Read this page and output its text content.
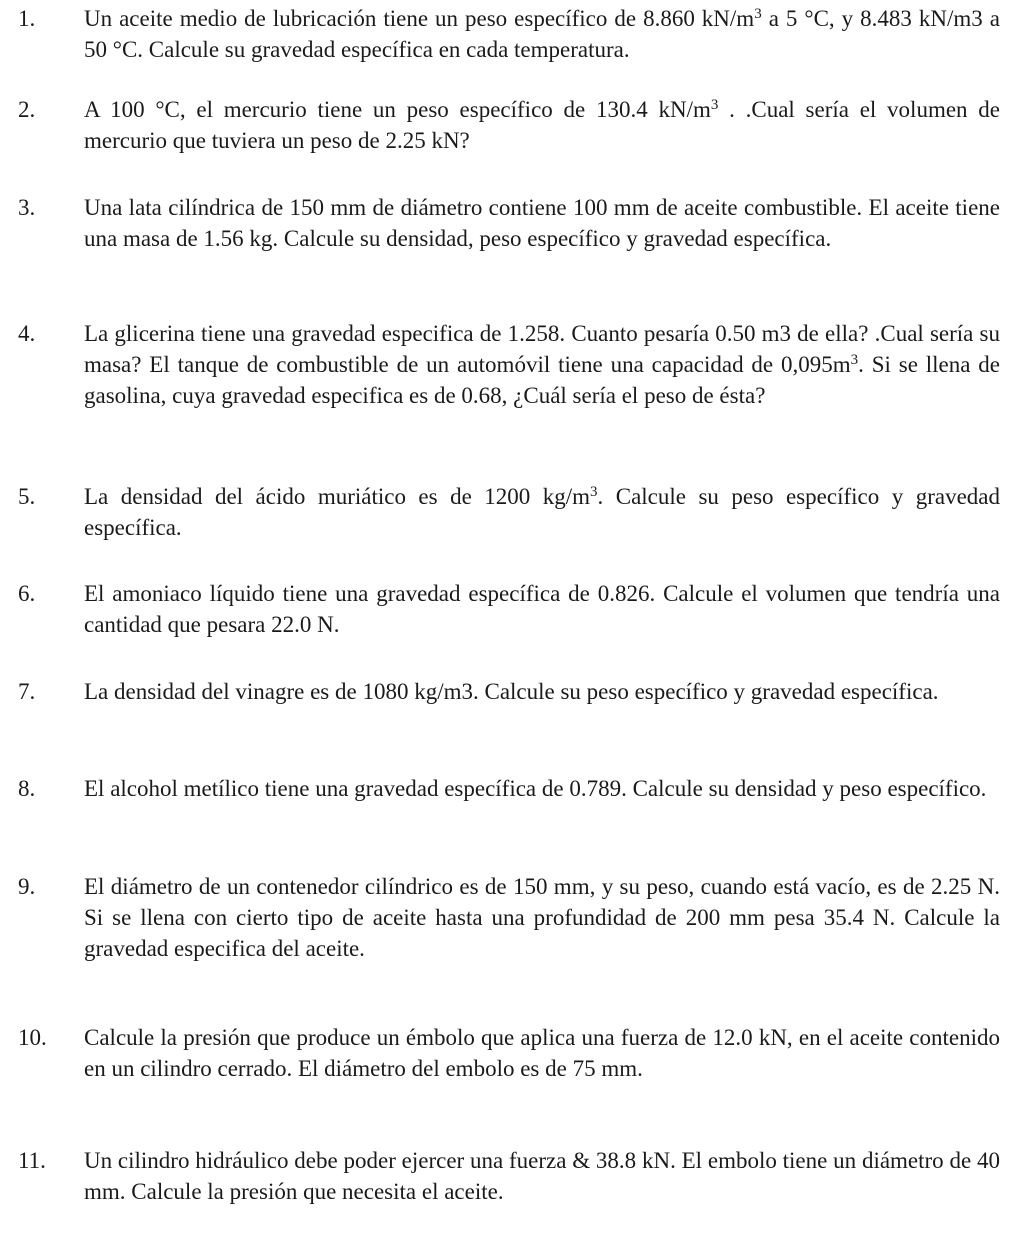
1.	Un aceite medio de lubricación tiene un peso específico de 8.860 $kN/m^3$ a 5 °C, y 8.483 kN/m3 a 50 °C. Calcule su gravedad específica en cada temperatura.
2.	A 100 °C, el mercurio tiene un peso específico de 130.4 $kN/m^3$ . .Cual sería el volumen de mercurio que tuviera un peso de 2.25 kN?
3.	Una lata cilíndrica de 150 mm de diámetro contiene 100 mm de aceite combustible. El aceite tiene una masa de 1.56 kg. Calcule su densidad, peso específico y gravedad específica.
4.	La glicerina tiene una gravedad especifica de 1.258. Cuanto pesaría 0.50 m3 de ella? .Cual sería su masa? El tanque de combustible de un automóvil tiene una capacidad de $0,095m^3$. Si se llena de gasolina, cuya gravedad especifica es de 0.68, ¿Cuál sería el peso de ésta?
5.	La densidad del ácido muriático es de 1200 $kg/m^3$. Calcule su peso específico y gravedad específica.
6.	El amoniaco líquido tiene una gravedad específica de 0.826. Calcule el volumen que tendría una cantidad que pesara 22.0 N.
7.	La densidad del vinagre es de 1080 kg/m3. Calcule su peso específico y gravedad específica.
8.	El alcohol metílico tiene una gravedad específica de 0.789. Calcule su densidad y peso específico.
9.	El diámetro de un contenedor cilíndrico es de 150 mm, y su peso, cuando está vacío, es de 2.25 N. Si se llena con cierto tipo de aceite hasta una profundidad de 200 mm pesa 35.4 N. Calcule la gravedad especifica del aceite.
10.	Calcule la presión que produce un émbolo que aplica una fuerza de 12.0 kN, en el aceite contenido en un cilindro cerrado. El diámetro del embolo es de 75 mm.
11.	Un cilindro hidráulico debe poder ejercer una fuerza & 38.8 kN. El embolo tiene un diámetro de 40 mm. Calcule la presión que necesita el aceite.
